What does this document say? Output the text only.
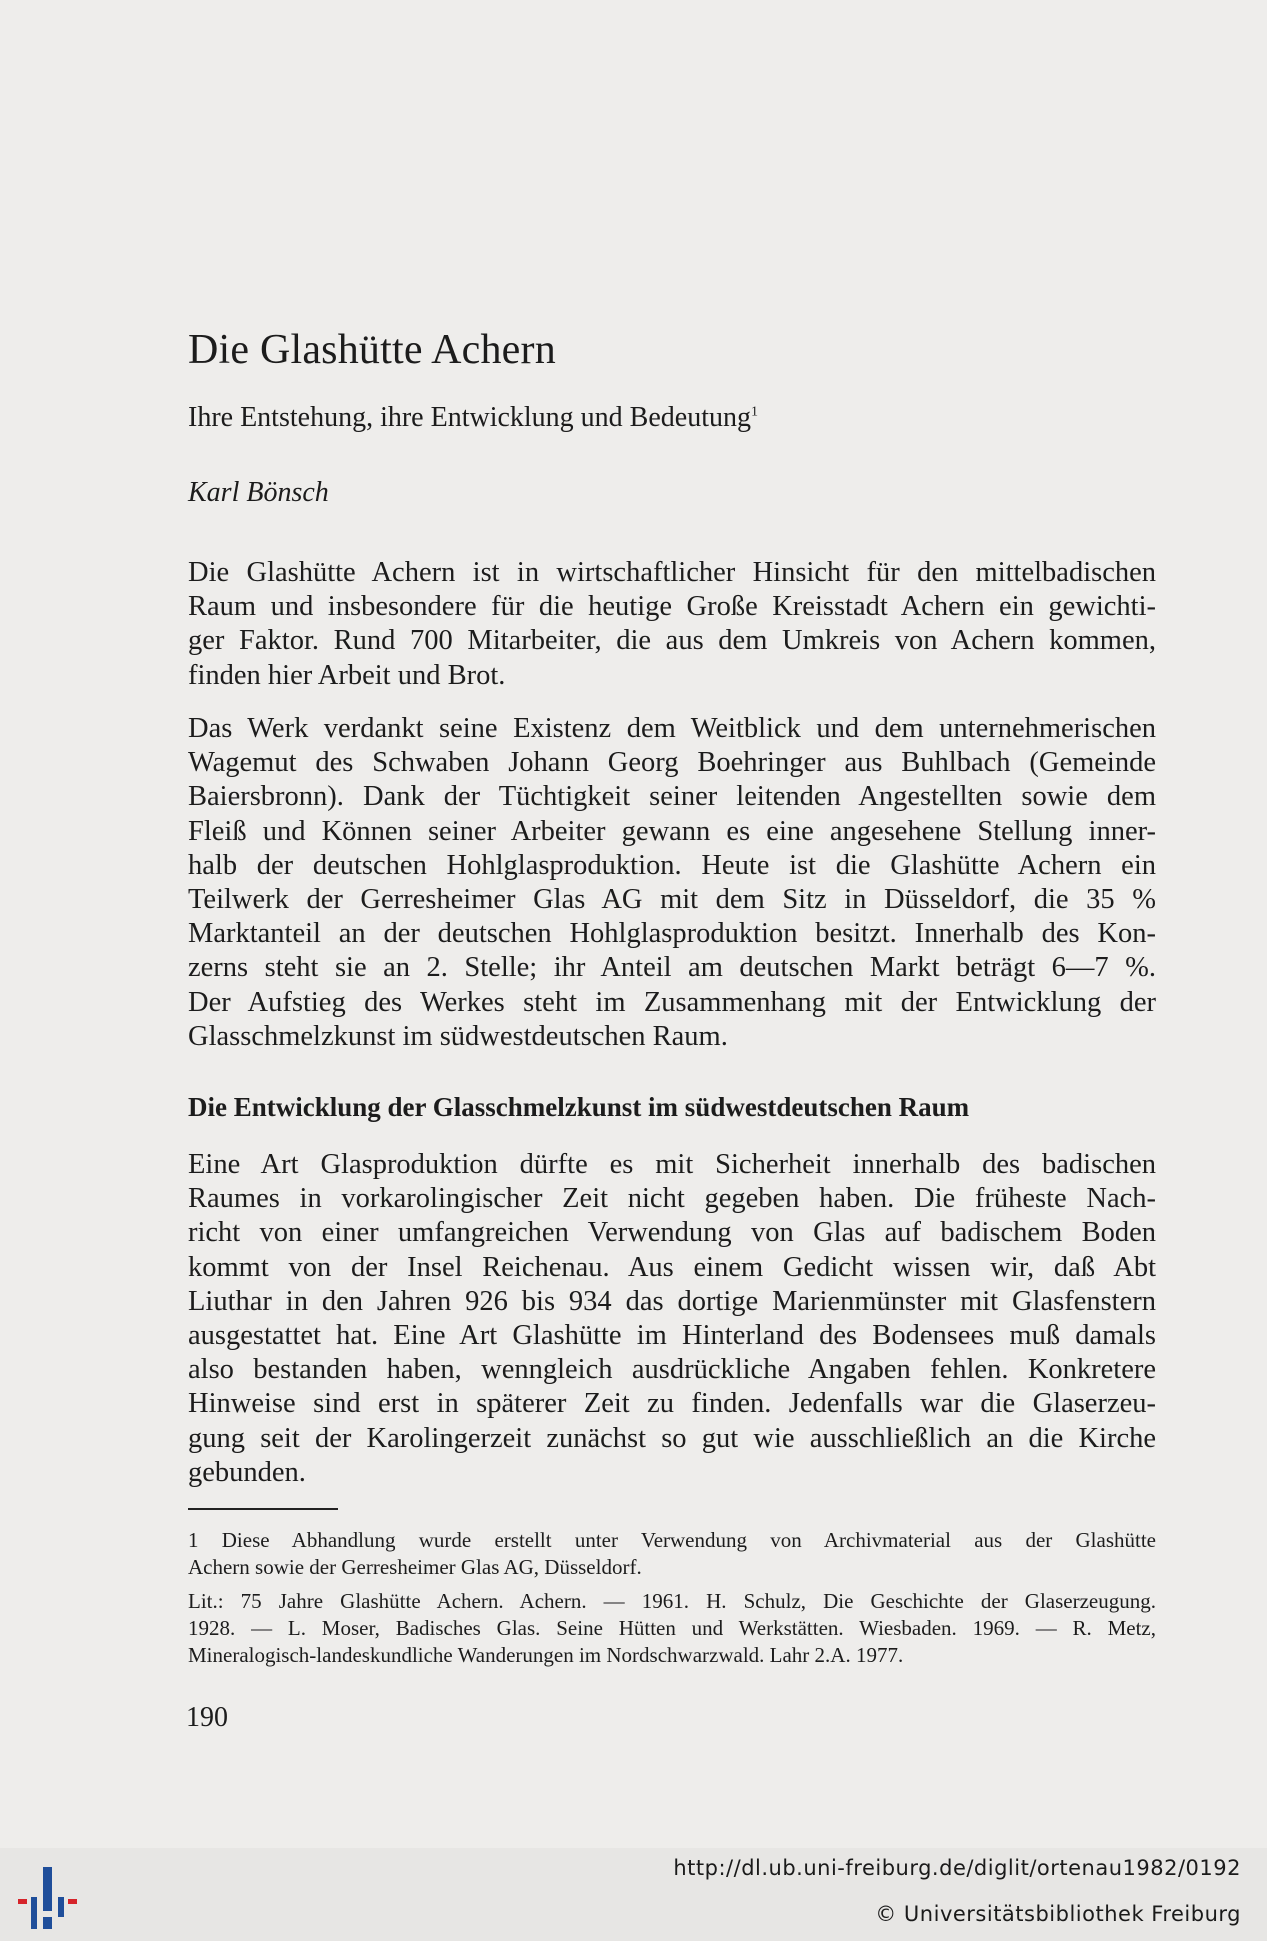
Die Glashütte Achern

Ihre Entstehung, ihre Entwicklung und Bedeutung$^1$

Karl Bönsch

Die Glashütte Achern ist in wirtschaftlicher Hinsicht für den mittelbadischen
Raum und insbesondere für die heutige Große Kreisstadt Achern ein gewichti-
ger Faktor. Rund 700 Mitarbeiter, die aus dem Umkreis von Achern kommen,
finden hier Arbeit und Brot.
Das Werk verdankt seine Existenz dem Weitblick und dem unternehmerischen
Wagemut des Schwaben Johann Georg Boehringer aus Buhlbach (Gemeinde
Baiersbronn). Dank der Tüchtigkeit seiner leitenden Angestellten sowie dem
Fleiß und Können seiner Arbeiter gewann es eine angesehene Stellung inner-
halb der deutschen Hohlglasproduktion. Heute ist die Glashütte Achern ein
Teilwerk der Gerresheimer Glas AG mit dem Sitz in Düsseldorf, die 35 %
Marktanteil an der deutschen Hohlglasproduktion besitzt. Innerhalb des Kon-
zerns steht sie an 2. Stelle; ihr Anteil am deutschen Markt beträgt 6—7 %.
Der Aufstieg des Werkes steht im Zusammenhang mit der Entwicklung der
Glasschmelzkunst im südwestdeutschen Raum.
Die Entwicklung der Glasschmelzkunst im südwestdeutschen Raum
Eine Art Glasproduktion dürfte es mit Sicherheit innerhalb des badischen
Raumes in vorkarolingischer Zeit nicht gegeben haben. Die früheste Nach-
richt von einer umfangreichen Verwendung von Glas auf badischem Boden
kommt von der Insel Reichenau. Aus einem Gedicht wissen wir, daß Abt
Liuthar in den Jahren 926 bis 934 das dortige Marienmünster mit Glasfenstern
ausgestattet hat. Eine Art Glashütte im Hinterland des Bodensees muß damals
also bestanden haben, wenngleich ausdrückliche Angaben fehlen. Konkretere
Hinweise sind erst in späterer Zeit zu finden. Jedenfalls war die Glaserzeu-
gung seit der Karolingerzeit zunächst so gut wie ausschließlich an die Kirche
gebunden.
1 Diese Abhandlung wurde erstellt unter Verwendung von Archivmaterial aus der Glashütte
Achern sowie der Gerresheimer Glas AG, Düsseldorf.
Lit.: 75 Jahre Glashütte Achern. Achern. — 1961. H. Schulz, Die Geschichte der Glaserzeugung.
1928. — L. Moser, Badisches Glas. Seine Hütten und Werkstätten. Wiesbaden. 1969. — R. Metz,
Mineralogisch-landeskundliche Wanderungen im Nordschwarzwald. Lahr 2.A. 1977.

190

http://dl.ub.uni-freiburg.de/diglit/ortenau1982/0192
© Universitätsbibliothek Freiburg
